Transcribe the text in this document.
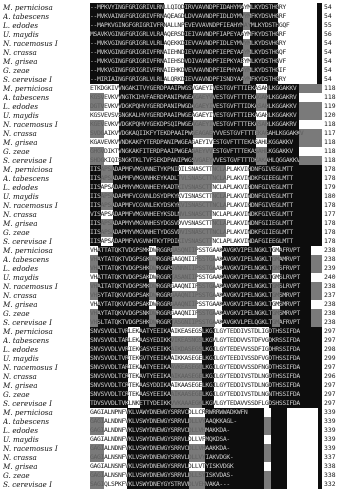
M. perniciosa	--MPKVYINGFGRIGRIVLRNLLQIQDIRVVAVNDPFIDAHYMAYMLKYDSTHGRY	54
A. tabescens	--MVKVAINGFGRIGRIVFRNAQEAGDLDVVAVNDPFIDLDYMVYMFKYDSVHGRF	54
L. edodes	--MAPKVGINGFGRIGRIVFRNALLNPEVEVVAVNDPFIEAHYMAYMLKYDSTHGQF	55
U. maydis	MSAVKVGINGFGRIGRLVLRAAQERSDIEIVAVNDPFIAPEYAAYMFKYDSTHGRF	56
N. racemosus I	--MVKVGINGFGRIGRLVLRLAQEKKDIEVVAVNDPFIDLEYMVYMLKYDSVHGRY	54
N. crassa	--MVKVGINGFGRIGRIVFRNAIEHNDIEVVAVNDPFIEPEYAAYMLKYDSTHGQF	54
M. grisea	--MVKVGINGFGRIGRIVFRNAIEHSDVDIVAVNDPFIEPKYAEYMLKYDSTHGVF	54
G. zeae	--MVKVGINGFGRIGRIVFRNAIEHKDVEVVAVNDPFIEPHYAAYMLKYDSTHGIF	54
S. cerevisae I	--MIRIAINGFGRIGRLVLRLALQRKDIEVVAVNDPFISNDYAAYMFKYDSTHGRY	54
M. perniciosa	ETKDGKIVVNGAKITVYGERDPAAIPWGSVGAEYIVESTGVFTTIEKASAHLKGGAKKV	118
A. tabescens	KGSVEVKVVNGTKIHVFAERDPANIPWGEAGAEYVVESTGVFTTTEKAGAHLKGGAKRV	118
L. edodes	DGTVEVKVVDGKPQHVYGERDPANIPWGDAGAEYIVESTGVFTTIDKASAHLKGGAKKV	119
U. maydis	KGSVEVSVSNGKALHVYGERDPAAIPWGEAGAEYIVESTGVFTTIEKAGAHLKGGAKKV	120
N. racemosus I	KGEVEVKVVDGKPQHVYGEKDPSQIPWGEAGAEYIVESTGVFTTTEKASAHLKGGAKRV	118
N. crassa	SVDGAIKVVDGKAQIIKFYTEKDPAAIPWGEAGAEYVVESTGVFTTTEKAGAHLKGGAKKV	117
M. grisea	KGAVEVKVVNDKAKFYTERDPANIPWGEAGAEYIVESTGVFTTTEKASAHLKGGAKKV	118
G. zeae	GHGVDIKTVNGKAKFITERDPAAIPWGEAGAEYVVESTGVFTTTEKASAHLKGGAKKV	118
S. cerevisae I	SHDGKIQISNGKTKLTVFSEKDPANIPWGSVGAEYVVESTGVFTTTDKAKAHLQGGAKKV	118
M. perniciosa	IISAPSADAPMFVMGVNNETYKPNIDILSNASCTTNCLAPLAKVIHDNFGIVEGLMTT	178
A. tabescens	IISAPSADAPMFVMGVNHKEYKADLTVLSNASCTTNCLAPLAKVINDKFGIEEGLMTT	178
L. edodes	IISAPSADAPMYVMGVNHEEYKADTKIVSNASCTTNCLAPLAKVIHDNFGIVEGLMTT	179
U. maydis	IISAPSADAPMFVCGVNLDSYDPKYKVISNASCTTNCLAPLAKVINDNFGIVEGLMTT	180
N. racemosus I	IISAPSADAPMFVCGVNLEKYDSKYKVISNASCTTNCLAPLAKVIHDNFGIVEGLMTT	178
N. crassa	VISAPSADAPMFVMGVNHEEYKSDLNVLSNASCTTNCLAPLAKVINDKFGIVEGLMTT	177
M. grisea	IISAPSADAPMYVMGVNHESYDGSVDVVSNASCTTNCLAPLAKVINDNFGIIEGLMTT	178
G. zeae	IISAPSADAPMYVMGVNHETYDGSVDVISNASCTTNCLAPLAKVINDKFGIIEGLMTT	178
S. cerevisae I	IISAPSADAPMFVVGVNHTKYTPDIKIVSNASCTTNCLAPLAKVINDAFGIEEGLMTT	178
M. perniciosa	VHATTATQKTVDGPSMKDWRGGRGASQNIIPSSTGAAKAVGKVIPELNGKLTGMAFRVPT	238
A. tabescens	VHAYTATQKTVDGPSGKDWRGGRGAGQNIIPSSTGAAKAVGKVIPELNGKLTGMAMRVPT	238
L. edodes	VHATTATQKTVDGPSHKDWRGGRSVNNNIIPSSTGAAKAVGKVIPELNGKLTGMSFRVPT	239
U. maydis	VHATTATQKTVDGPSAKDWRGGRTASANIIPSSTGAAKAVGKVIPELNGKLTGMSLRVPT	240
N. racemosus I	VHAITATQKTVDGPSMKDWRGGRGAAQNIIPSSTGAAKAVGKVIPELNGKLTGMSLRVPT	238
N. crassa	VHSYTATQKVVDGPSAKDWRGGRGAAQNIIPSSTGAAKAVGKVIPELNGKLTGMSMRVPT	237
M. grisea	VHAYTATQKVVDGPSAKDWRGGRGAAQNIIPSSTGAAKAVGKVIPELNGKLTGMSMRVPT	238
G. zeae	VHAYTATQKVVDGPSNKDWRGGRGAAQNIIPSSTGAAKAVGKVIPELNGKLTGMSMRVPT	238
S. cerevisae I	VHSLTATQKTVDGPSHKDWRGGRTASGNIIPSSTGAAKAVGKVLPELQGKLTGMAFRVPT	238
M. perniciosa	SNVSVVDLTVRLEKAATYEEIKAAIKEASEGSLKGILGYTEDDIVSTDLIGDTHSSIFDA	297
A. tabescens	SNVSVVDLTARLEKAASYEDIKKVIKEASNGSLKGVLGYTEDDVVSTDFVGDKRSSIFDA	297
L. edodes	SNVSVVDLVVRIEKGASYEEIKKAIKDASEGSLKGILGYTEDEVVSSDFIGDHRSSIFDA	298
U. maydis	SNVSVVDLTVRTEKGVTYEEIKAAIKKASEGELKGILGYTEEDIVSSDFVGDTHSSIFDA	299
N. racemosus I	SNVSVVDLTARIEKAATYEEIKAAVKEASEGGLKGILGYTEDDVVSSDFNGDTHSSIFDA	297
N. crassa	SNVSVVDLTCRTEKAVTYEEIKAAIKAASEGELKGILGYTEDDIVSTDLNGDTHSSIFDA	296
M. grisea	SNVSVVDLTCRTEKAASYDDIKAAIKAASEGELKGILGYTEDDIVSTDLNGDTHSSIFDA	297
G. zeae	SNVSVVDLTCRTEKAASYEEIKAAIKAASEGELKGILGYTEDDIVSTDLNGNTHSSIFDA	297
S. cerevisae I	TDVSVVDLTVKLNKETTYDEIKKVVKAAAEGKLKGVLGYTEDAVVSSDFLGDSHSSIFDA	297
M. perniciosa	GAGIALNPNFVKLVAWYDNEWGYSRRVCDLLCRRWRRWWADKWFN	339
A. tabescens	GAGIALNDNFVKLVSWYDNEWGYSRRVLDLLVYAAQKKAGL-	339
L. edodes	GAGIALNDNFVKLVSWYDNEWGYSRRVCDLLVHMAKKDA-	339
U. maydis	GAGIALNDNFVKLVSWYDNEWGYSRRVLDLLVFMQKDSA-	339
N. racemosus I	GAGIALNDNFVKLVSWYDNEWGYSRRVCDLLVHAAKKDA-	339
N. crassa	GAGIALNSNFVKLVSWYDNEWGYSRRVLDLLVYIAKVDGK-	337
M. grisea	GAGIALNSNFVKLVSWYDNEWGYSRRVLDLLVTYISKVDGK	338
G. zeae	GAGIALNSNFVKLVSWYDNEWGYSRRVLDLLSYISKVDAS-	338
S. cerevisae I	SAGIQLSPKFVKLVSWYDNEYGYSTRVVDLVEHVAKA---	332
